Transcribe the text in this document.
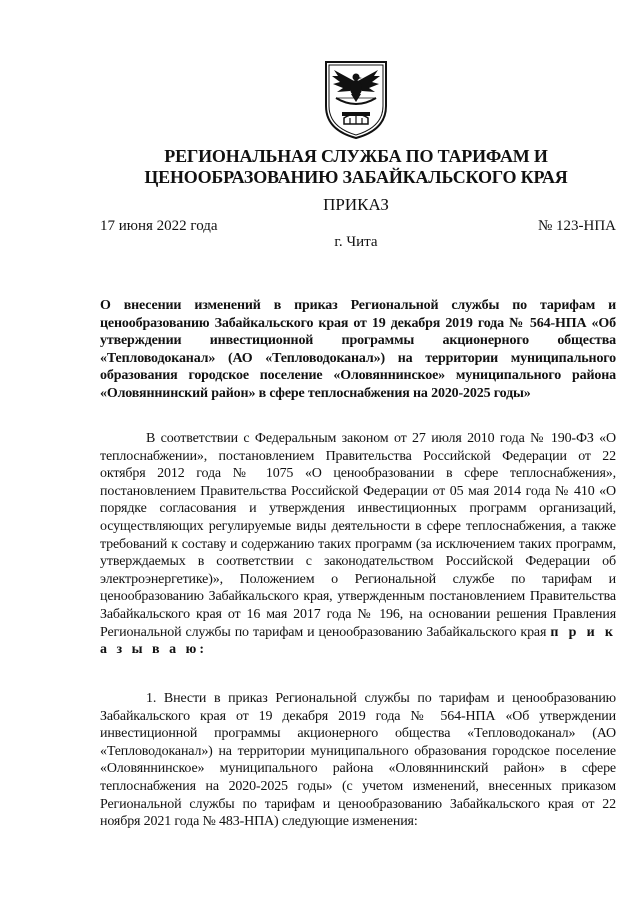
РЕГИОНАЛЬНАЯ СЛУЖБА ПО ТАРИФАМ И
ЦЕНООБРАЗОВАНИЮ ЗАБАЙКАЛЬСКОГО КРАЯ
ПРИКАЗ
17 июня 2022 года	№ 123-НПА
г. Чита
О внесении изменений в приказ Региональной службы по тарифам и ценообразованию Забайкальского края от 19 декабря 2019 года № 564-НПА «Об утверждении инвестиционной программы акционерного общества «Тепловодоканал» (АО «Тепловодоканал») на территории муниципального образования городское поселение «Оловяннинское» муниципального района «Оловяннинский район» в сфере теплоснабжения на 2020-2025 годы»
В соответствии с Федеральным законом от 27 июля 2010 года № 190-ФЗ «О теплоснабжении», постановлением Правительства Российской Федерации от 22 октября 2012 года № 1075 «О ценообразовании в сфере теплоснабжения», постановлением Правительства Российской Федерации от 05 мая 2014 года № 410 «О порядке согласования и утверждения инвестиционных программ организаций, осуществляющих регулируемые виды деятельности в сфере теплоснабжения, а также требований к составу и содержанию таких программ (за исключением таких программ, утверждаемых в соответствии с законодательством Российской Федерации об электроэнергетике)», Положением о Региональной службе по тарифам и ценообразованию Забайкальского края, утвержденным постановлением Правительства Забайкальского края от 16 мая 2017 года № 196, на основании решения Правления Региональной службы по тарифам и ценообразованию Забайкальского края п р и к а з ы в а ю:
1. Внести в приказ Региональной службы по тарифам и ценообразованию Забайкальского края от 19 декабря 2019 года № 564-НПА «Об утверждении инвестиционной программы акционерного общества «Тепловодоканал» (АО «Тепловодоканал») на территории муниципального образования городское поселение «Оловяннинское» муниципального района «Оловяннинский район» в сфере теплоснабжения на 2020-2025 годы» (с учетом изменений, внесенных приказом Региональной службы по тарифам и ценообразованию Забайкальского края от 22 ноября 2021 года № 483-НПА) следующие изменения:
